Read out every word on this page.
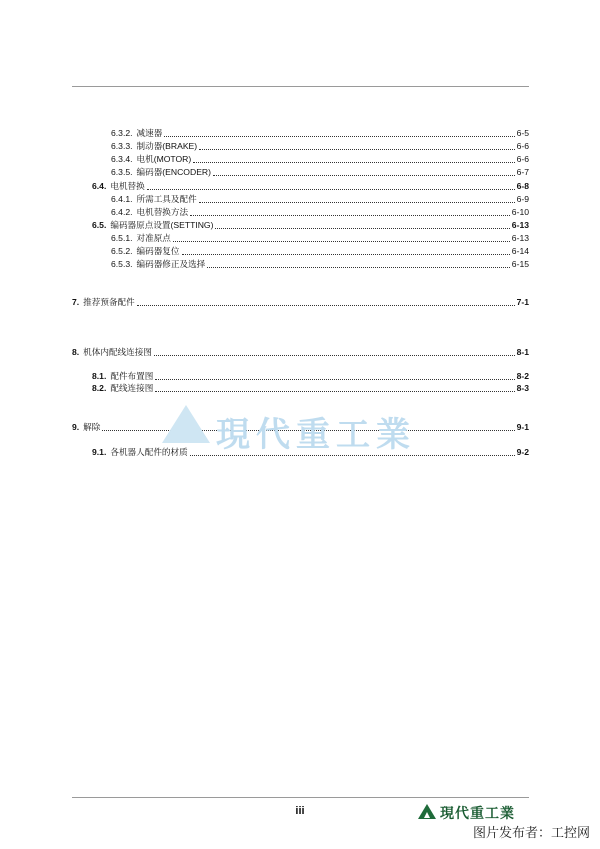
6.3.2. 减速器	6-5
6.3.3. 制动器(BRAKE)	6-6
6.3.4. 电机(MOTOR)	6-6
6.3.5. 编码器(ENCODER)	6-7
6.4. 电机替换	6-8
6.4.1. 所需工具及配件	6-9
6.4.2. 电机替换方法	6-10
6.5. 编码器原点设置(SETTING)	6-13
6.5.1. 对准原点	6-13
6.5.2. 编码器复位	6-14
6.5.3. 编码器修正及选择	6-15
7. 推荐预备配件	7-1
8. 机体内配线连接图	8-1
8.1. 配件布置图	8-2
8.2. 配线连接图	8-3
9. 解除	9-1
9.1. 各机器人配件的材质	9-2
現代重工業
iii	現代重工業
图片发布者：工控网
